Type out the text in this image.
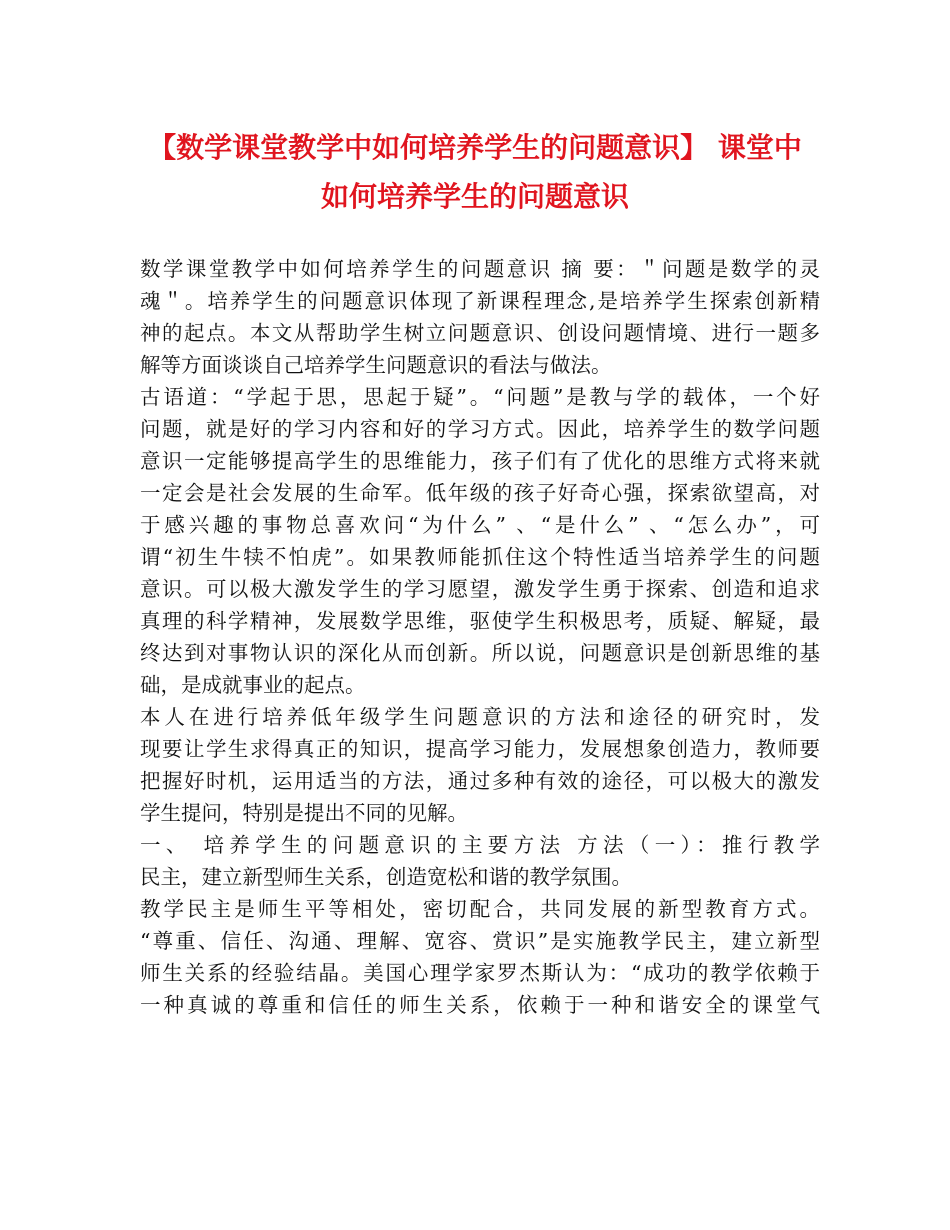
【数学课堂教学中如何培养学生的问题意识】 课堂中
如何培养学生的问题意识
数学课堂教学中如何培养学生的问题意识 摘 要：＂问题是数学的灵
魂＂。培养学生的问题意识体现了新课程理念,是培养学生探索创新精
神的起点。本文从帮助学生树立问题意识、创设问题情境、进行一题多
解等方面谈谈自己培养学生问题意识的看法与做法。
古语道：“学起于思，思起于疑”。“问题”是教与学的载体，一个好
问题，就是好的学习内容和好的学习方式。因此，培养学生的数学问题
意识一定能够提高学生的思维能力，孩子们有了优化的思维方式将来就
一定会是社会发展的生命军。低年级的孩子好奇心强，探索欲望高，对
于感兴趣的事物总喜欢问“为什么” 、“是什么” 、“怎么办”，可
谓“初生牛犊不怕虎”。如果教师能抓住这个特性适当培养学生的问题
意识。可以极大激发学生的学习愿望，激发学生勇于探索、创造和追求
真理的科学精神，发展数学思维，驱使学生积极思考，质疑、解疑，最
终达到对事物认识的深化从而创新。所以说，问题意识是创新思维的基
础，是成就事业的起点。
本人在进行培养低年级学生问题意识的方法和途径的研究时，发
现要让学生求得真正的知识，提高学习能力，发展想象创造力，教师要
把握好时机，运用适当的方法，通过多种有效的途径，可以极大的激发
学生提问，特别是提出不同的见解。
一、 培养学生的问题意识的主要方法 方法（一）：推行教学
民主，建立新型师生关系，创造宽松和谐的教学氛围。
教学民主是师生平等相处，密切配合，共同发展的新型教育方式。
“尊重、信任、沟通、理解、宽容、赏识”是实施教学民主，建立新型
师生关系的经验结晶。美国心理学家罗杰斯认为：“成功的教学依赖于
一种真诚的尊重和信任的师生关系，依赖于一种和谐安全的课堂气
